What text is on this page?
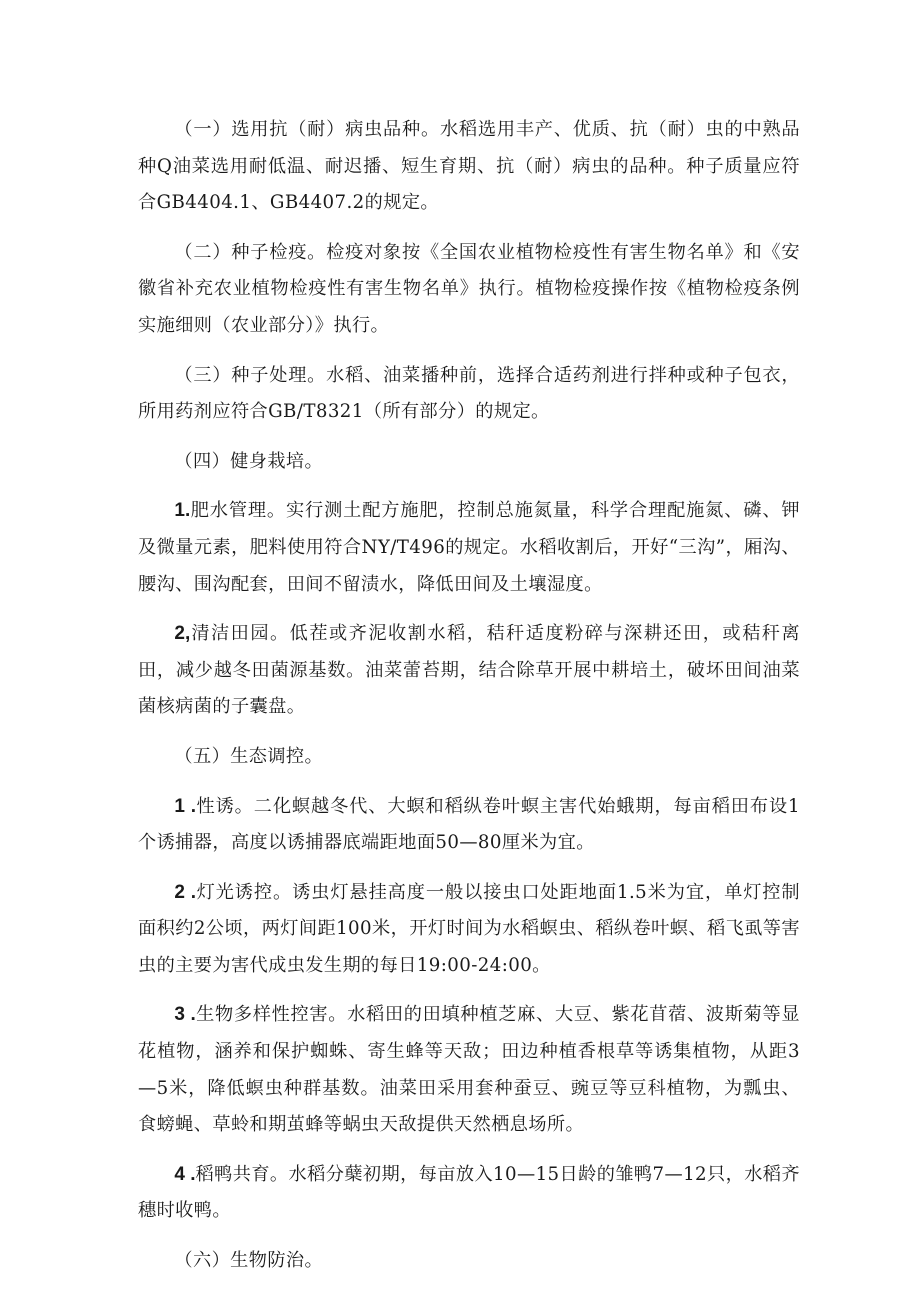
（一）选用抗（耐）病虫品种。水稻选用丰产、优质、抗（耐）虫的中熟品种Q油菜选用耐低温、耐迟播、短生育期、抗（耐）病虫的品种。种子质量应符合GB4404.1、GB4407.2的规定。

（二）种子检疫。检疫对象按《全国农业植物检疫性有害生物名单》和《安徽省补充农业植物检疫性有害生物名单》执行。植物检疫操作按《植物检疫条例实施细则（农业部分）》执行。

（三）种子处理。水稻、油菜播种前，选择合适药剂进行拌种或种子包衣，所用药剂应符合GB/T8321（所有部分）的规定。

（四）健身栽培。

1.肥水管理。实行测土配方施肥，控制总施氮量，科学合理配施氮、磷、钾及微量元素，肥料使用符合NY/T496的规定。水稻收割后，开好“三沟”，厢沟、腰沟、围沟配套，田间不留渍水，降低田间及土壤湿度。

2,清洁田园。低茬或齐泥收割水稻，秸秆适度粉碎与深耕还田，或秸秆离田，减少越冬田菌源基数。油菜蕾苔期，结合除草开展中耕培土，破坏田间油菜菌核病菌的子囊盘。

（五）生态调控。

1 .性诱。二化螟越冬代、大螟和稻纵卷叶螟主害代始蛾期，每亩稻田布设1个诱捕器，高度以诱捕器底端距地面50—80厘米为宜。

2 .灯光诱控。诱虫灯悬挂高度一般以接虫口处距地面1.5米为宜，单灯控制面积约2公顷，两灯间距100米，开灯时间为水稻螟虫、稻纵卷叶螟、稻飞虱等害虫的主要为害代成虫发生期的每日19:00-24:00。

3 .生物多样性控害。水稻田的田填种植芝麻、大豆、紫花苜蓿、波斯菊等显花植物，涵养和保护蜘蛛、寄生蜂等天敌；田边种植香根草等诱集植物，从距3—5米，降低螟虫种群基数。油菜田采用套种蚕豆、豌豆等豆科植物，为瓢虫、食螃蝇、草蛉和期茧蜂等蜗虫天敌提供天然栖息场所。

4 .稻鸭共育。水稻分蘖初期，每亩放入10—15日龄的雏鸭7—12只，水稻齐穗时收鸭。

（六）生物防治。
